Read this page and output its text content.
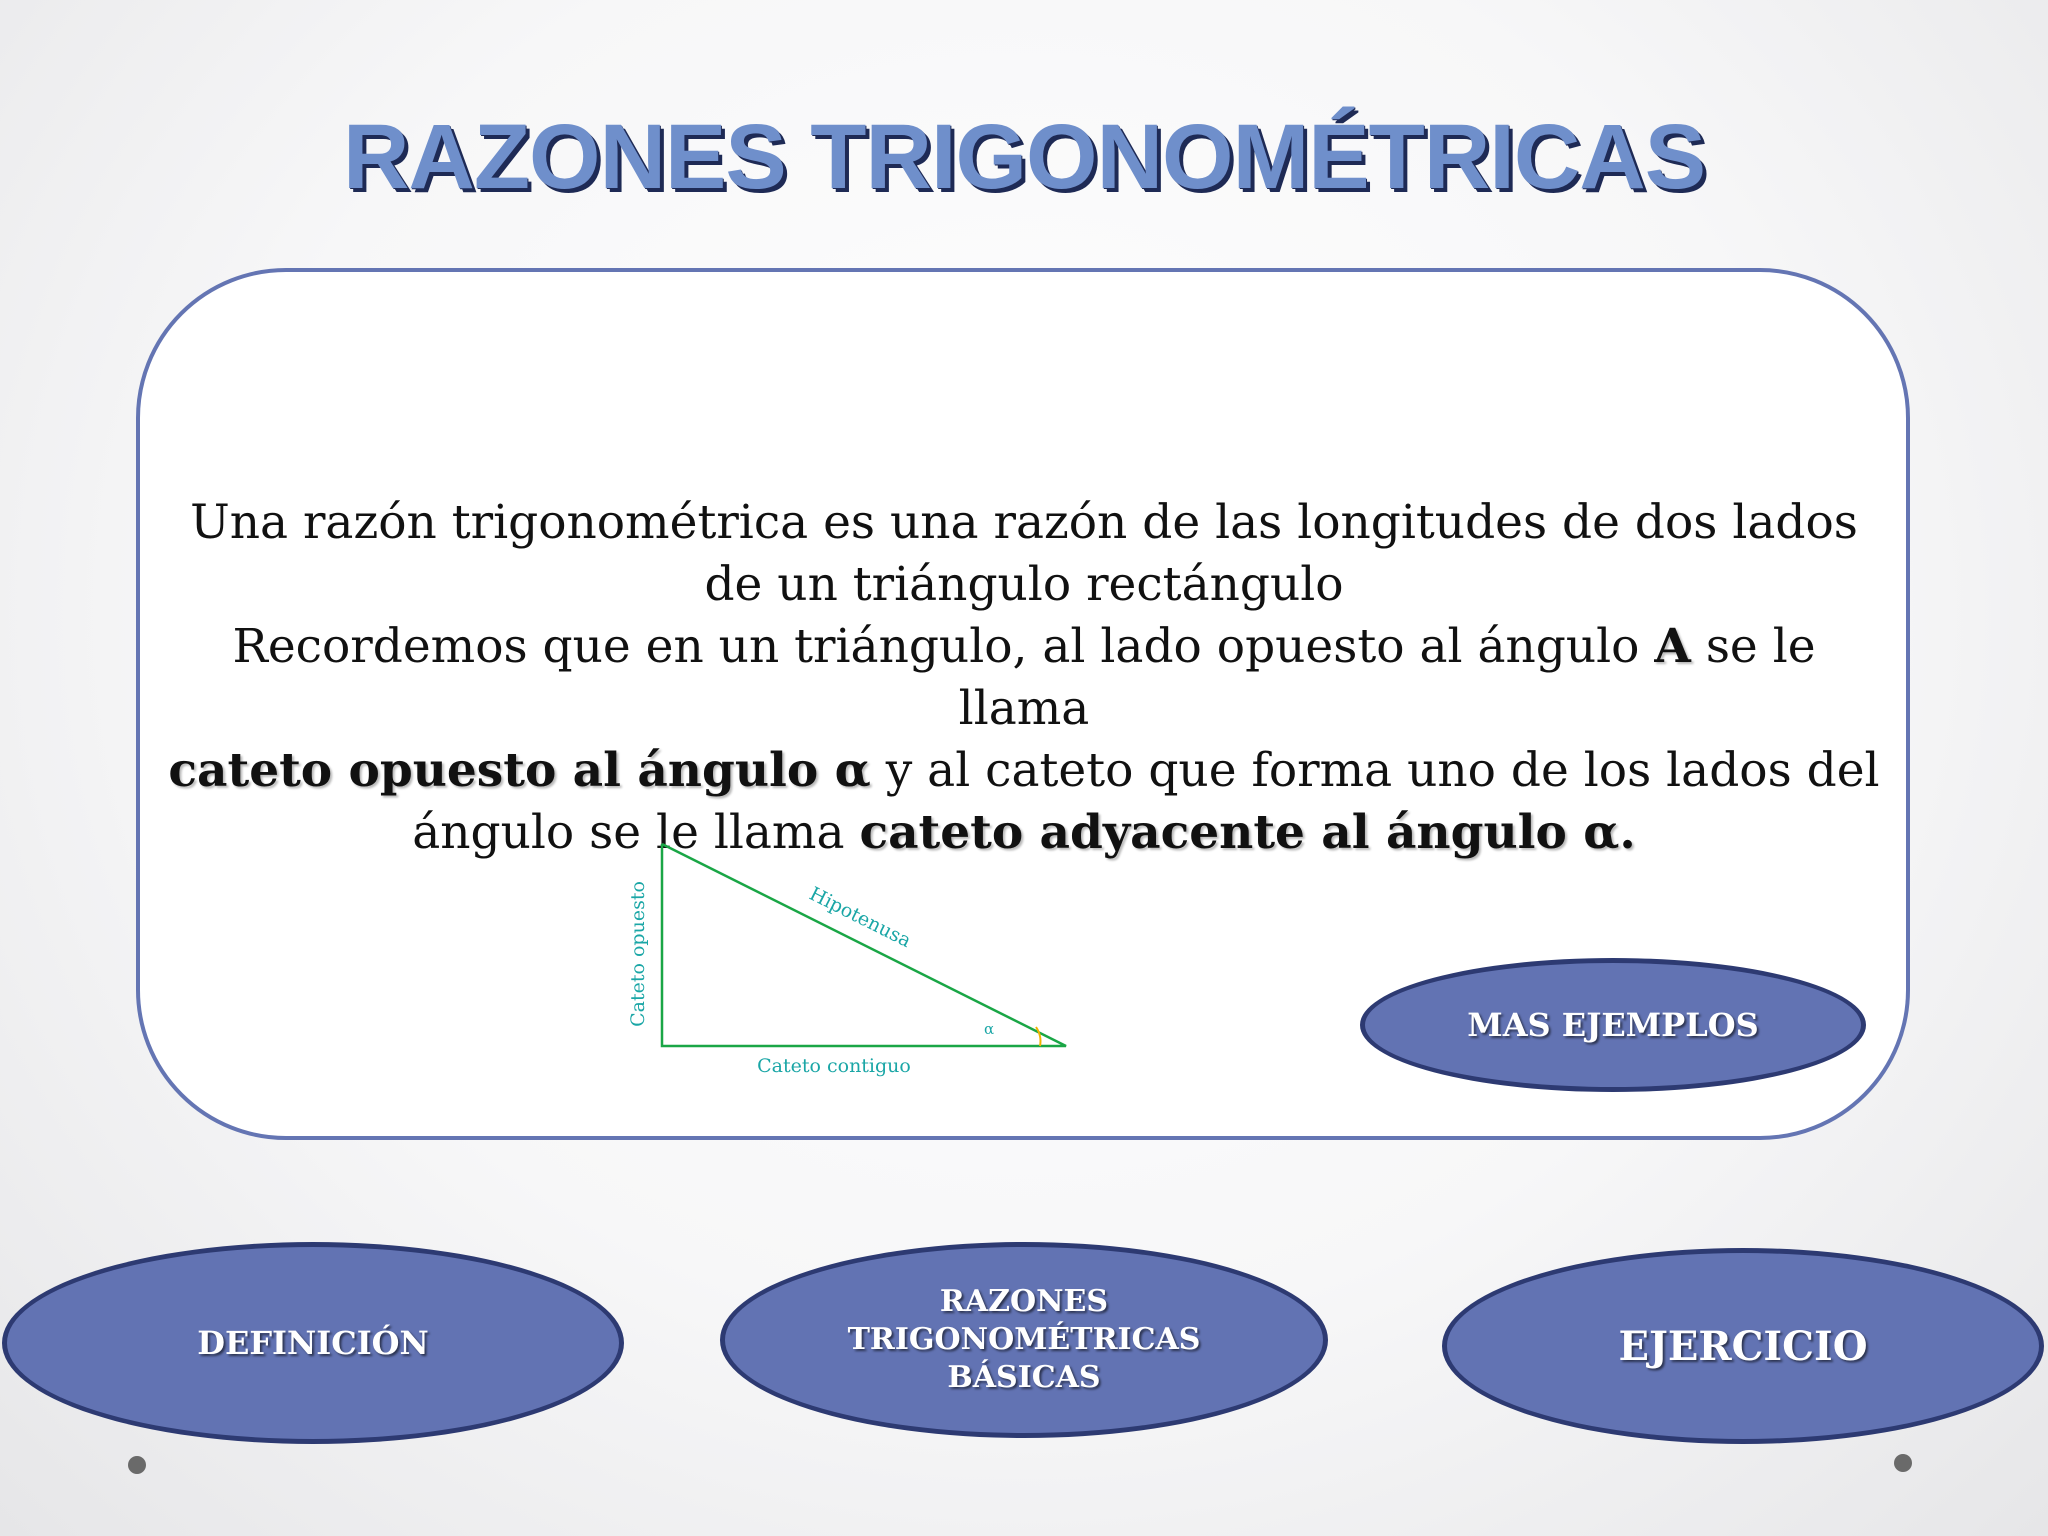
RAZONES TRIGONOMÉTRICAS
Una razón trigonométrica es una razón de las longitudes de dos lados
de un triángulo rectángulo
Recordemos que en un triángulo, al lado opuesto al ángulo A se le llama
cateto opuesto al ángulo α y al cateto que forma uno de los lados del
ángulo se le llama cateto adyacente al ángulo α.
α
Hipotenusa
Cateto opuesto
Cateto contiguo
MAS EJEMPLOS
DEFINICIÓN
RAZONES
TRIGONOMÉTRICAS
BÁSICAS
EJERCICIO
